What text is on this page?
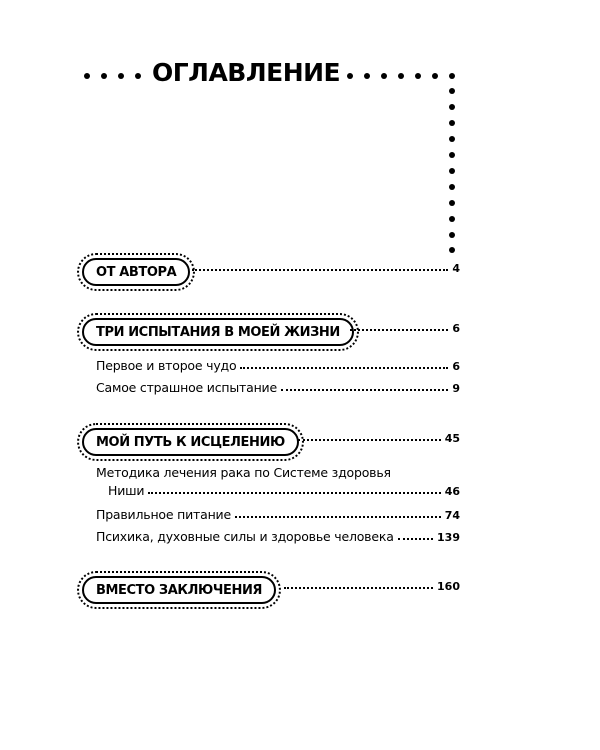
ОГЛАВЛЕНИЕ
ОТ АВТОРА	4
ТРИ ИСПЫТАНИЯ В МОЕЙ ЖИЗНИ	6
Первое и второе чудо	6
Самое страшное испытание	9
МОЙ ПУТЬ К ИСЦЕЛЕНИЮ	45
Методика лечения рака по Системе здоровья
Ниши	46
Правильное питание	74
Психика, духовные силы и здоровье человека	139
ВМЕСТО ЗАКЛЮЧЕНИЯ	160
